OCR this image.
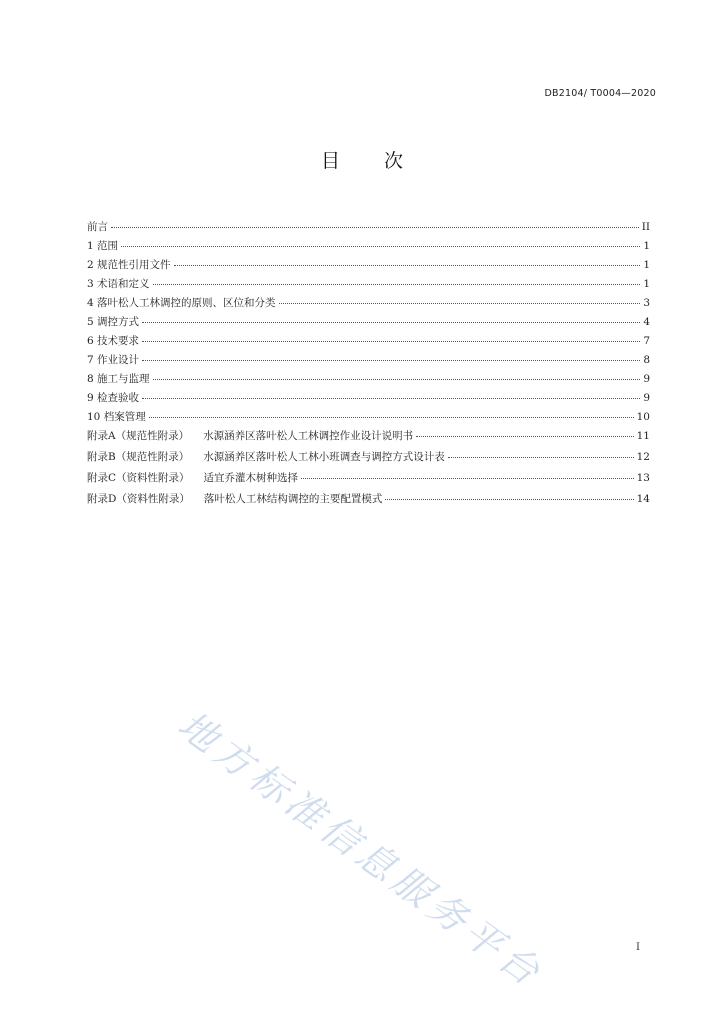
DB2104/ T0004—2020
目 次
前言	II
1 范围	1
2 规范性引用文件	1
3 术语和定义	1
4 落叶松人工林调控的原则、区位和分类	3
5 调控方式	4
6 技术要求	7
7 作业设计	8
8 施工与监理	9
9 检查验收	9
10 档案管理	10
附录A（规范性附录） 水源涵养区落叶松人工林调控作业设计说明书	11
附录B（规范性附录） 水源涵养区落叶松人工林小班调查与调控方式设计表	12
附录C（资料性附录） 适宜乔灌木树种选择	13
附录D（资料性附录） 落叶松人工林结构调控的主要配置模式	14
地方标准信息服务平台	I
